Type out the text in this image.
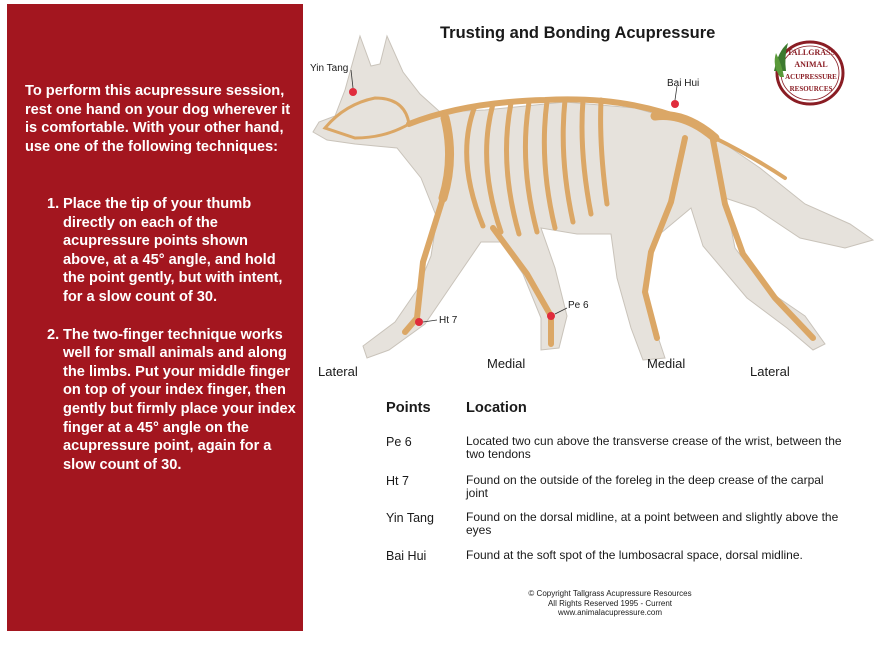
To perform this acupressure session, rest one hand on your dog wherever it is comfortable. With your other hand, use one of the following techniques:

1. Place the tip of your thumb directly on each of the acupressure points shown above, at a 45° angle, and hold the point gently, but with intent, for a slow count of 30.
2. The two-finger technique works well for small animals and along the limbs. Put your middle finger on top of your index finger, then gently but firmly place your index finger at a 45° angle on the acupressure point, again for a slow count of 30.
Trusting and Bonding Acupressure
TALLGRASS
ANIMAL
ACUPRESSURE
RESOURCES
Yin Tang
Bai Hui
Ht 7
Pe 6
Lateral
Medial	Medial
Lateral
Points Location
Pe 6	Located two cun above the transverse crease of the wrist, between the two tendons
Ht 7	Found on the outside of the foreleg in the deep crease of the carpal joint
Yin Tang	Found on the dorsal midline, at a point between and slightly above the eyes
Bai Hui	Found at the soft spot of the lumbosacral space, dorsal midline.
© Copyright Tallgrass Acupressure Resources
All Rights Reserved 1995 - Current
www.animalacupressure.com
